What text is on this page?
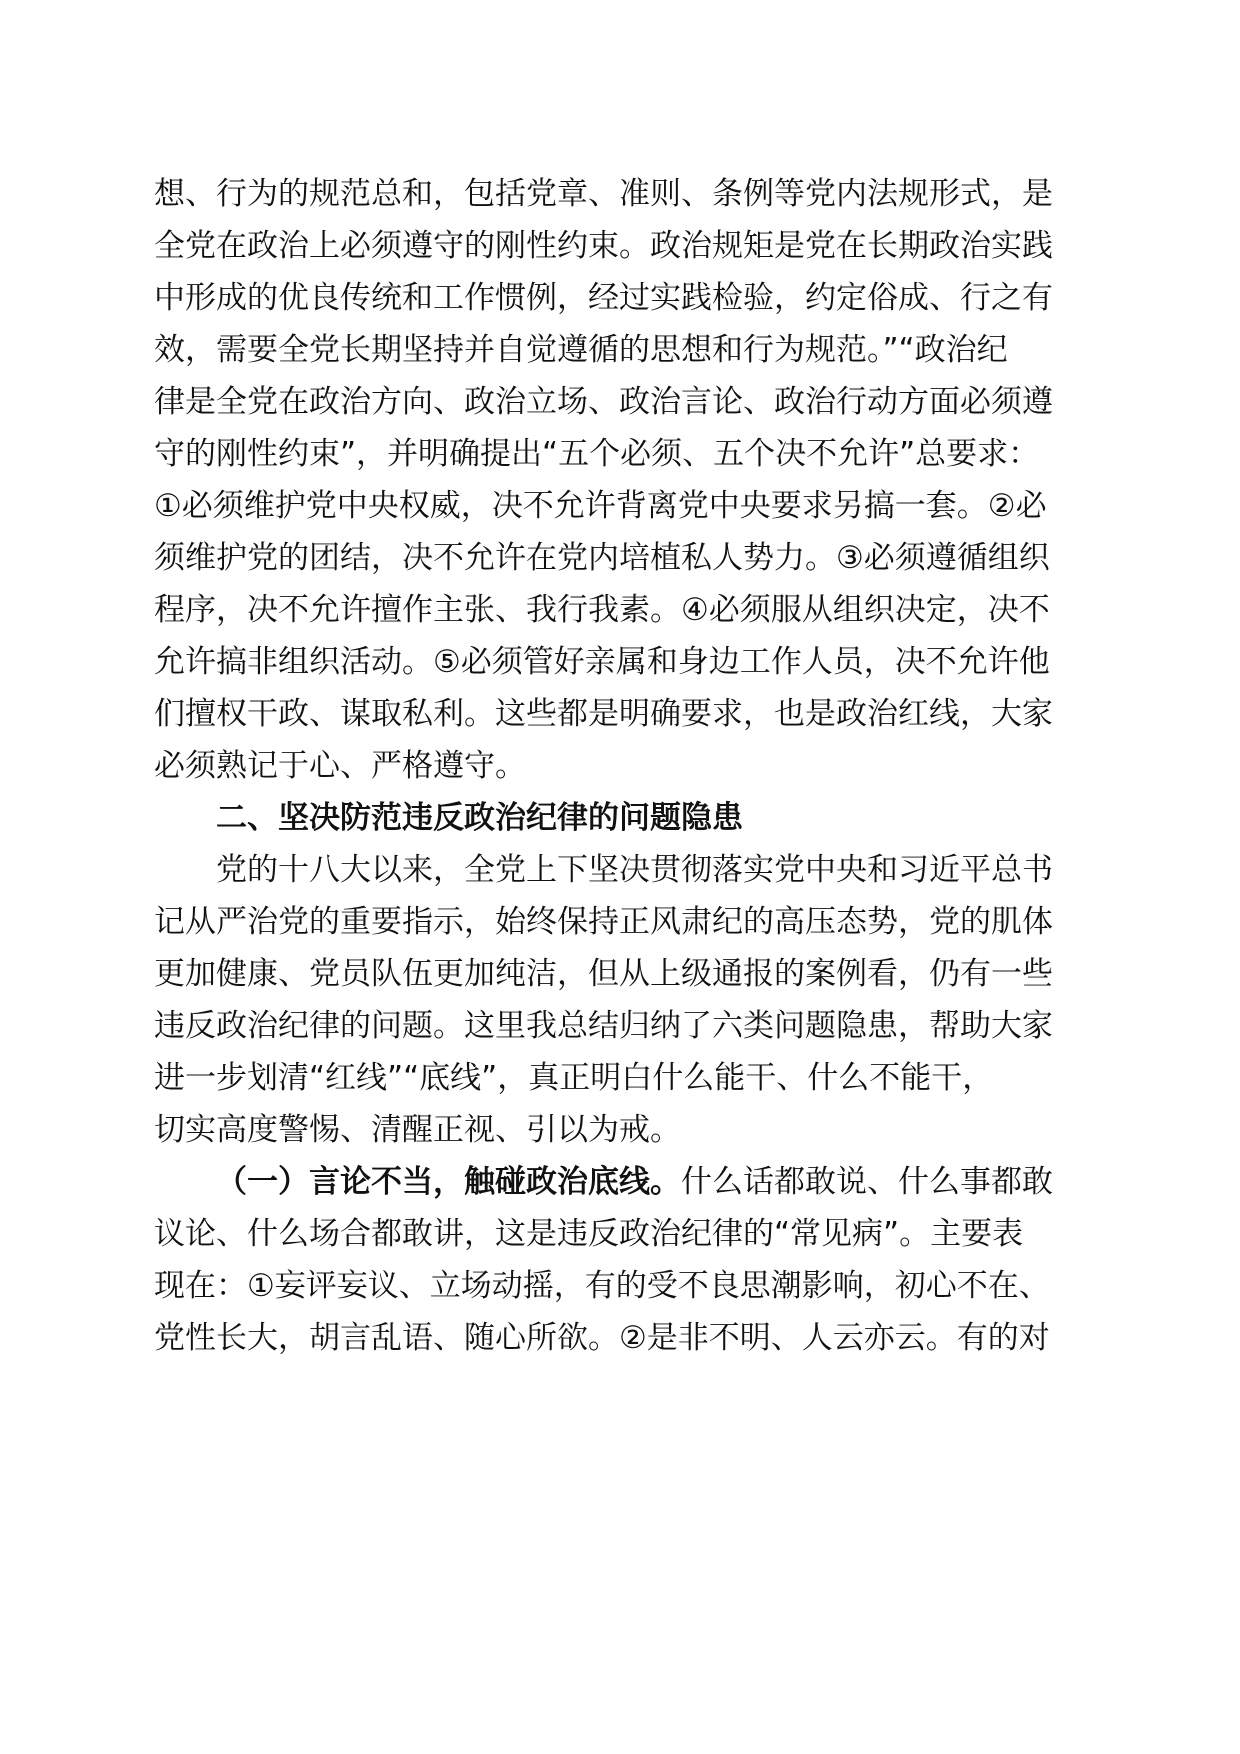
想、行为的规范总和，包括党章、准则、条例等党内法规形式，是
全党在政治上必须遵守的刚性约束。政治规矩是党在长期政治实践
中形成的优良传统和工作惯例，经过实践检验，约定俗成、行之有
效，需要全党长期坚持并自觉遵循的思想和行为规范。”“政治纪
律是全党在政治方向、政治立场、政治言论、政治行动方面必须遵
守的刚性约束”，并明确提出“五个必须、五个决不允许”总要求：
①必须维护党中央权威，决不允许背离党中央要求另搞一套。②必
须维护党的团结，决不允许在党内培植私人势力。③必须遵循组织
程序，决不允许擅作主张、我行我素。④必须服从组织决定，决不
允许搞非组织活动。⑤必须管好亲属和身边工作人员，决不允许他
们擅权干政、谋取私利。这些都是明确要求，也是政治红线，大家
必须熟记于心、严格遵守。
二、坚决防范违反政治纪律的问题隐患
党的十八大以来，全党上下坚决贯彻落实党中央和习近平总书
记从严治党的重要指示，始终保持正风肃纪的高压态势，党的肌体
更加健康、党员队伍更加纯洁，但从上级通报的案例看，仍有一些
违反政治纪律的问题。这里我总结归纳了六类问题隐患，帮助大家
进一步划清“红线”“底线”，真正明白什么能干、什么不能干，
切实高度警惕、清醒正视、引以为戒。
（一）言论不当，触碰政治底线。什么话都敢说、什么事都敢
议论、什么场合都敢讲，这是违反政治纪律的“常见病”。主要表
现在：①妄评妄议、立场动摇，有的受不良思潮影响，初心不在、
党性长大，胡言乱语、随心所欲。②是非不明、人云亦云。有的对
